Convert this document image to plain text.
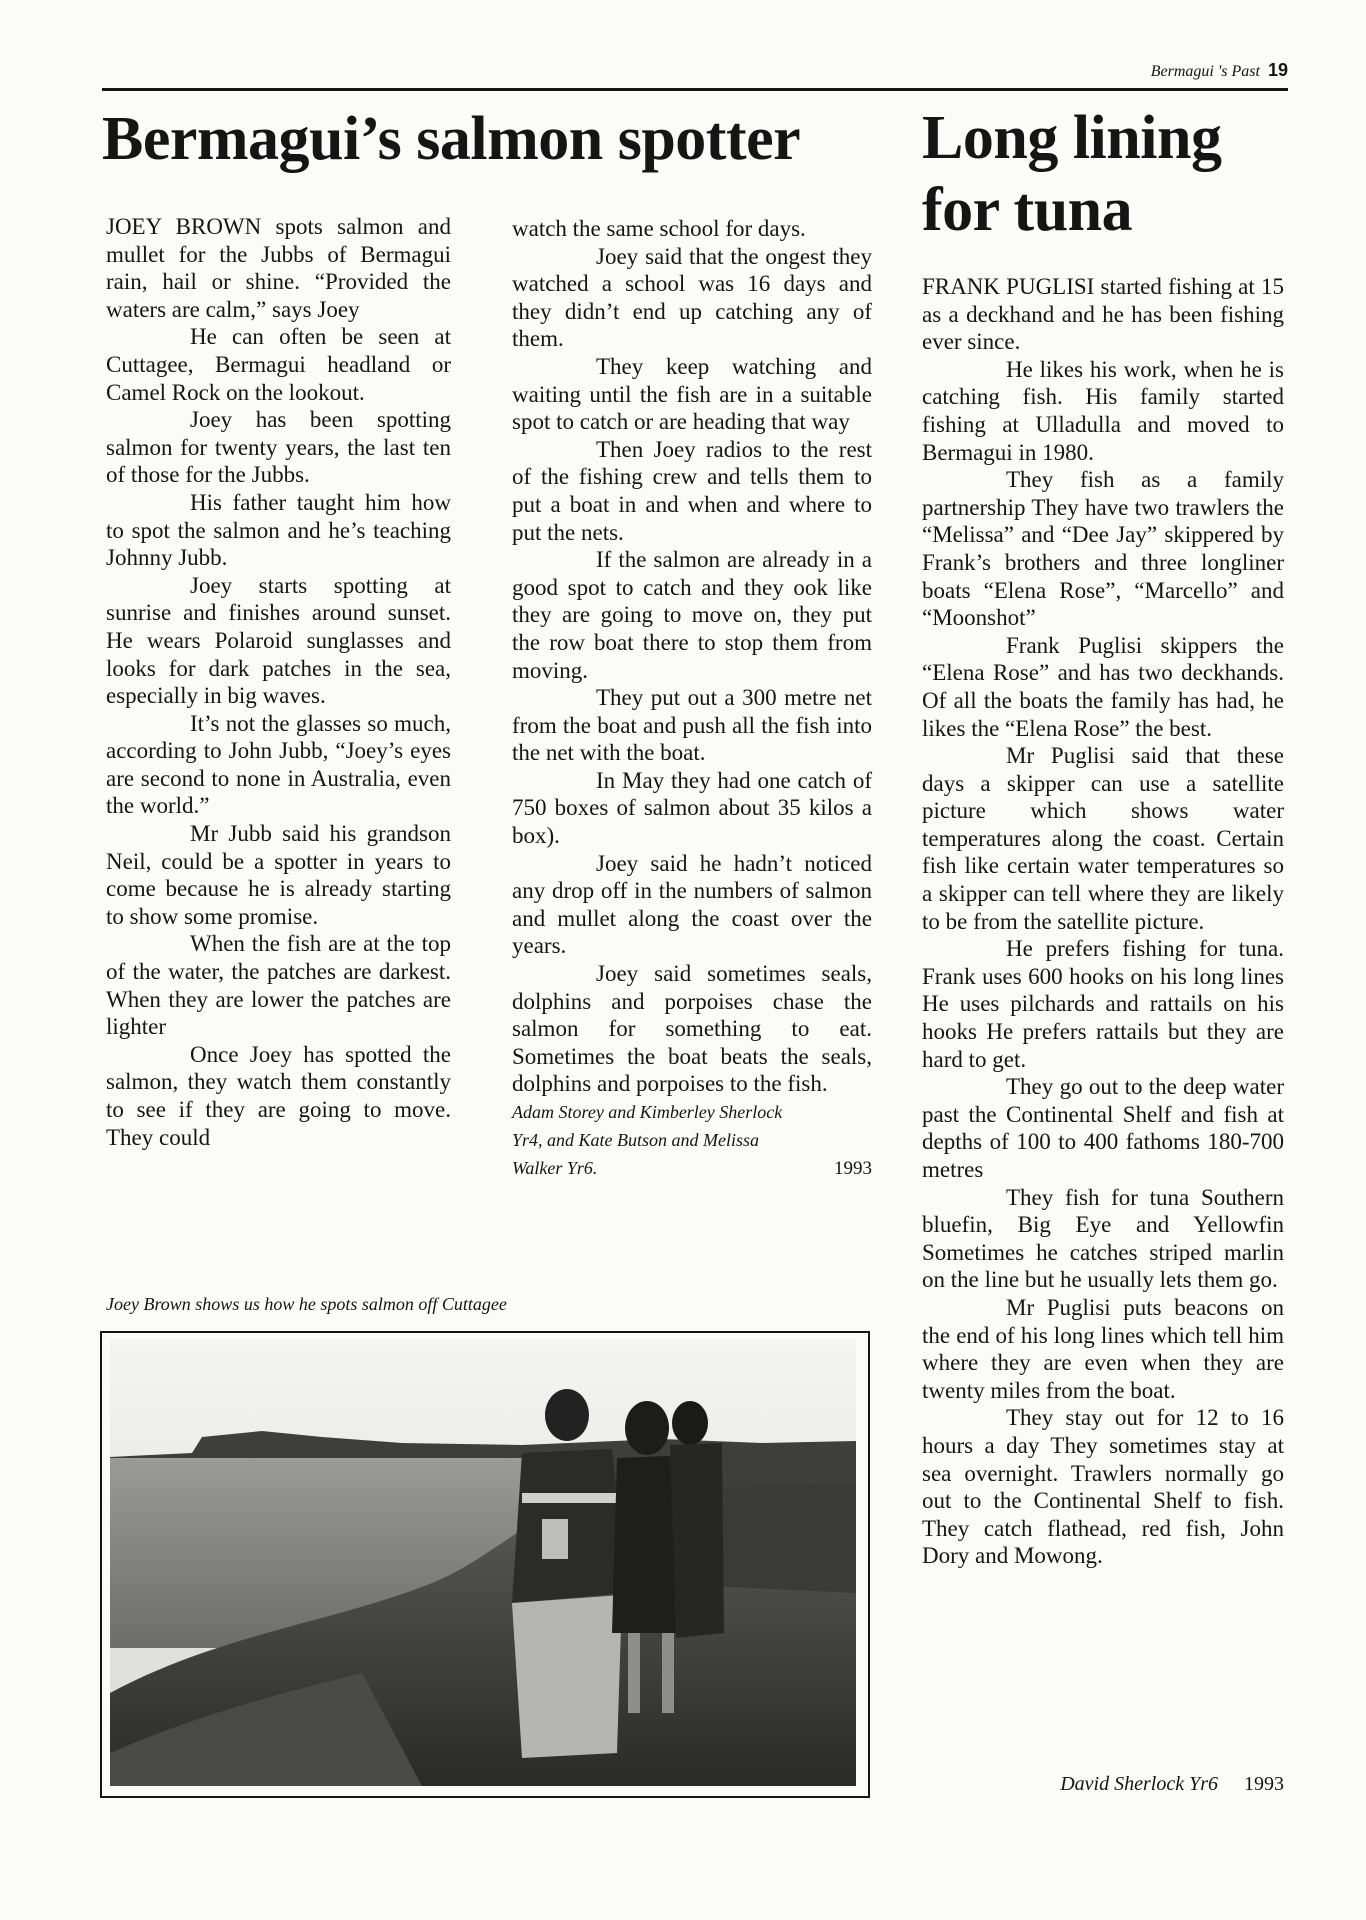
Bermagui 's Past 19
Bermagui’s salmon spotter Long lining for tuna

JOEY BROWN spots salmon and mullet for the Jubbs of Bermagui rain, hail or shine. “Provided the waters are calm,” says Joey

He can often be seen at Cuttagee, Bermagui headland or Camel Rock on the lookout.

Joey has been spotting salmon for twenty years, the last ten of those for the Jubbs.

His father taught him how to spot the salmon and he’s teaching Johnny Jubb.

Joey starts spotting at sunrise and finishes around sunset. He wears Polaroid sunglasses and looks for dark patches in the sea, especially in big waves.

It’s not the glasses so much, according to John Jubb, “Joey’s eyes are second to none in Australia, even the world.”

Mr Jubb said his grandson Neil, could be a spotter in years to come because he is already starting to show some promise.

When the fish are at the top of the water, the patches are darkest. When they are lower the patches are lighter

Once Joey has spotted the salmon, they watch them constantly to see if they are going to move. They could

watch the same school for days.

Joey said that the ongest they watched a school was 16 days and they didn’t end up catching any of them.

They keep watching and waiting until the fish are in a suitable spot to catch or are heading that way

Then Joey radios to the rest of the fishing crew and tells them to put a boat in and when and where to put the nets.

If the salmon are already in a good spot to catch and they ook like they are going to move on, they put the row boat there to stop them from moving.

They put out a 300 metre net from the boat and push all the fish into the net with the boat.

In May they had one catch of 750 boxes of salmon about 35 kilos a box).

Joey said he hadn’t noticed any drop off in the numbers of salmon and mullet along the coast over the years.

Joey said sometimes seals, dolphins and porpoises chase the salmon for something to eat. Sometimes the boat beats the seals, dolphins and porpoises to the fish.

Adam Storey and Kimberley Sherlock
Yr4, and Kate Butson and Melissa
Walker Yr6.	1993
Joey Brown shows us how he spots salmon off Cuttagee

FRANK PUGLISI started fishing at 15 as a deckhand and he has been fishing ever since.

He likes his work, when he is catching fish. His family started fishing at Ulladulla and moved to Bermagui in 1980.

They fish as a family partnership They have two trawlers the “Melissa” and “Dee Jay” skippered by Frank’s brothers and three longliner boats “Elena Rose”, “Marcello” and “Moonshot”

Frank Puglisi skippers the “Elena Rose” and has two deckhands. Of all the boats the family has had, he likes the “Elena Rose” the best.

Mr Puglisi said that these days a skipper can use a satellite picture which shows water temperatures along the coast. Certain fish like certain water temperatures so a skipper can tell where they are likely to be from the satellite picture.

He prefers fishing for tuna. Frank uses 600 hooks on his long lines He uses pilchards and rattails on his hooks He prefers rattails but they are hard to get.

They go out to the deep water past the Continental Shelf and fish at depths of 100 to 400 fathoms 180-700 metres

They fish for tuna Southern bluefin, Big Eye and Yellowfin Sometimes he catches striped marlin on the line but he usually lets them go.

Mr Puglisi puts beacons on the end of his long lines which tell him where they are even when they are twenty miles from the boat.

They stay out for 12 to 16 hours a day They sometimes stay at sea overnight. Trawlers normally go out to the Continental Shelf to fish. They catch flathead, red fish, John Dory and Mowong.

David Sherlock Yr6 1993
